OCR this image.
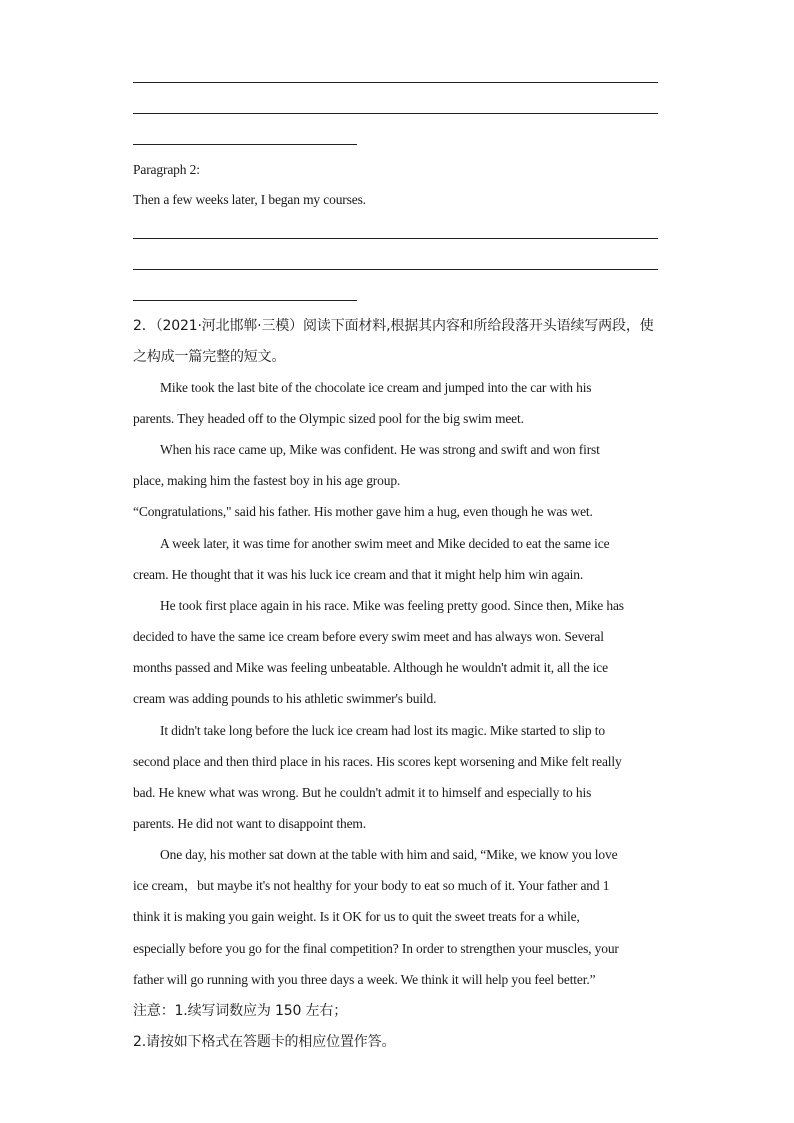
Paragraph 2:
Then a few weeks later, I began my courses.
2．（2021·河北邯郸·三模）阅读下面材料,根据其内容和所给段落开头语续写两段，使
之构成一篇完整的短文。
Mike took the last bite of the chocolate ice cream and jumped into the car with his
parents. They headed off to the Olympic sized pool for the big swim meet.
When his race came up, Mike was confident. He was strong and swift and won first
place, making him the fastest boy in his age group.
“Congratulations," said his father. His mother gave him a hug, even though he was wet.
A week later, it was time for another swim meet and Mike decided to eat the same ice
cream. He thought that it was his luck ice cream and that it might help him win again.
He took first place again in his race. Mike was feeling pretty good. Since then, Mike has
decided to have the same ice cream before every swim meet and has always won. Several
months passed and Mike was feeling unbeatable. Although he wouldn't admit it, all the ice
cream was adding pounds to his athletic swimmer's build.
It didn't take long before the luck ice cream had lost its magic. Mike started to slip to
second place and then third place in his races. His scores kept worsening and Mike felt really
bad. He knew what was wrong. But he couldn't admit it to himself and especially to his
parents. He did not want to disappoint them.
One day, his mother sat down at the table with him and said, “Mike, we know you love
ice cream，but maybe it's not healthy for your body to eat so much of it. Your father and 1
think it is making you gain weight. Is it OK for us to quit the sweet treats for a while,
especially before you go for the final competition? In order to strengthen your muscles, your
father will go running with you three days a week. We think it will help you feel better.”
注意：1.续写词数应为 150 左右；
2.请按如下格式在答题卡的相应位置作答。
